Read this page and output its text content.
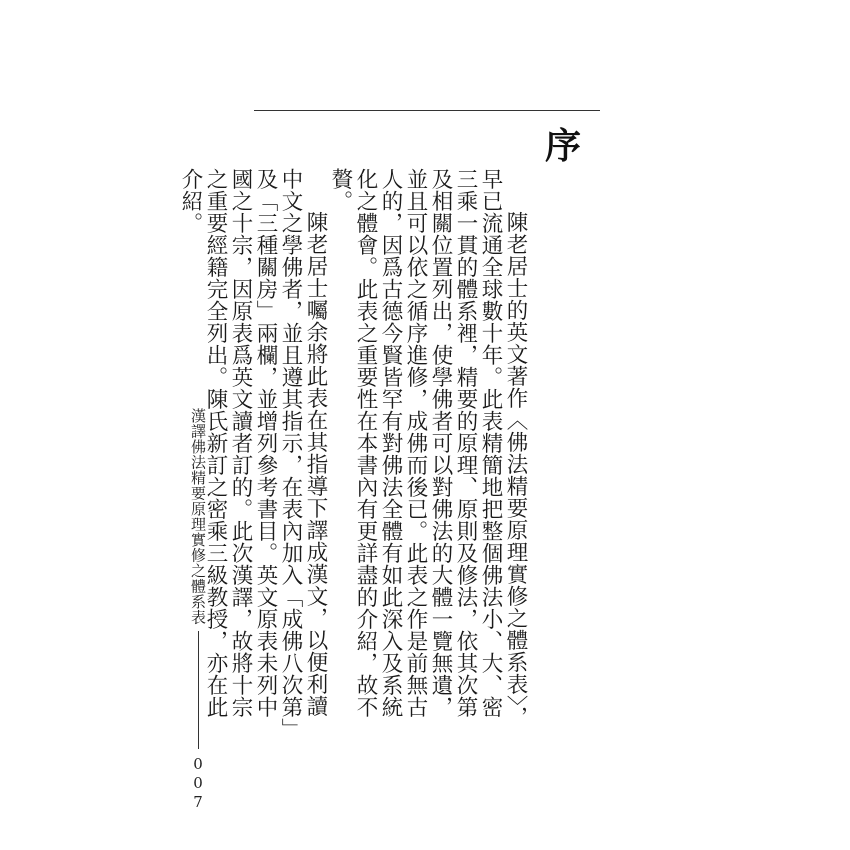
序

陳老居士的英文著作〈佛法精要原理實修之體系表〉，早已流通全球數十年。此表精簡地把整個佛法小、大、密三乘一貫的體系裡，精要的原理、原則及修法，依其次第及相關位置列出，使學佛者可以對佛法的大體一覽無遺，並且可以依之循序進修，成佛而後已。此表之作是前無古人的，因爲古德今賢皆罕有對佛法全體有如此深入及系統化之體會。此表之重要性在本書內有更詳盡的介紹，故不贅。

陳老居士囑余將此表在其指導下譯成漢文，以便利讀中文之學佛者，並且遵其指示，在表內加入「成佛八次第」及「三種關房」兩欄，並增列參考書目。英文原表未列中國之十宗，因原表爲英文讀者訂的。此次漢譯，故將十宗之重要經籍完全列出。陳氏新訂之密乘三級教授，亦在此介紹。

漢譯佛法精要原理實修之體系表
007
